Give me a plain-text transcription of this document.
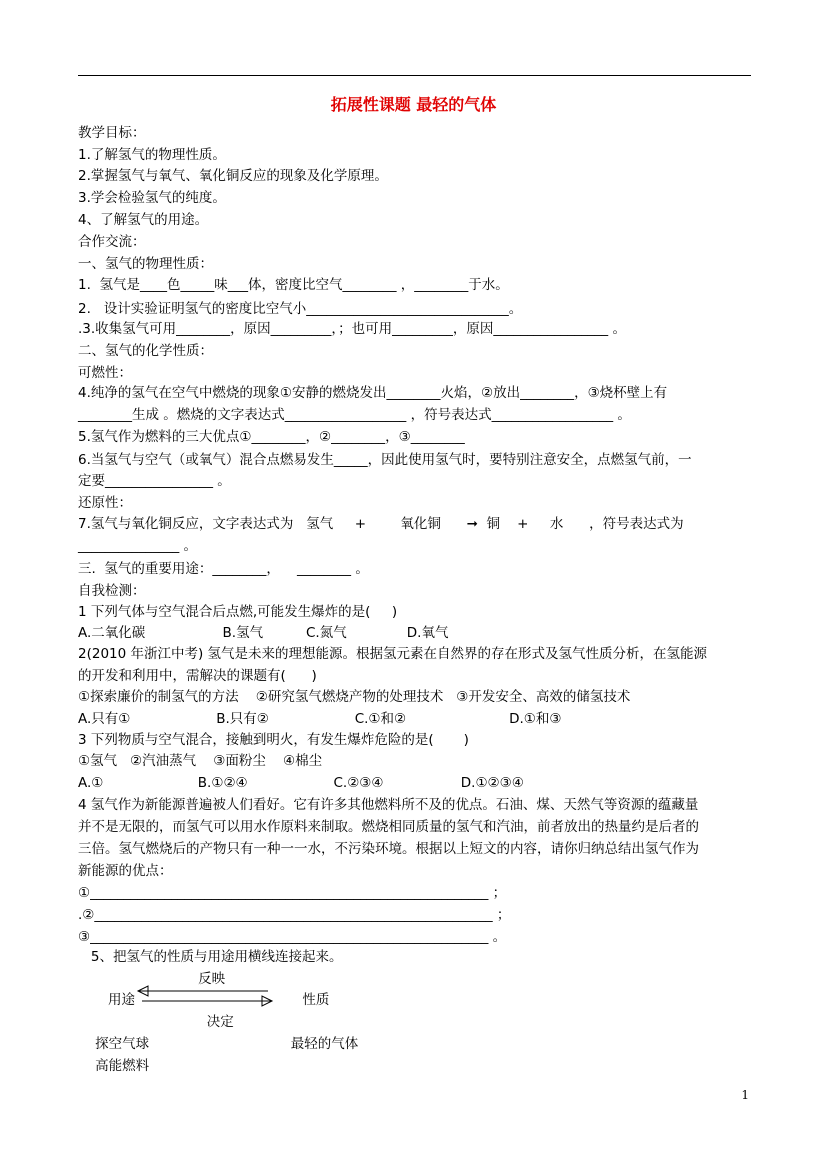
拓展性课题 最轻的气体
教学目标：
1.了解氢气的物理性质。
2.掌握氢气与氧气、氧化铜反应的现象及化学原理。
3.学会检验氢气的纯度。
4、了解氢气的用途。
合作交流：
一、氢气的物理性质：
1.  氢气是____色_____味___体，密度比空气________ ，________于水。
2.   设计实验证明氢气的密度比空气小______________________________。
.3.收集氢气可用________，原因_________，；也可用_________，原因_________________ 。
二、氢气的化学性质：
可燃性：
4.纯净的氢气在空气中燃烧的现象①安静的燃烧发出________火焰，②放出________，③烧杯壁上有
________生成 。燃烧的文字表达式__________________ ，符号表达式__________________ 。
5.氢气作为燃料的三大优点①________，②________，③________
6.当氢气与空气（或氧气）混合点燃易发生_____，因此使用氢气时，要特别注意安全，点燃氢气前，一
定要________________ 。
还原性：
7.氢气与氧化铜反应，文字表达式为   氢气     +        氧化铜      ➞  铜    +     水      ，符号表达式为
_______________ 。
三.  氢气的重要用途：________，    ________ 。
自我检测：
1 下列气体与空气混合后点燃,可能发生爆炸的是(     )
A.二氧化碳                  B.氢气          C.氮气              D.氧气
2(2010 年浙江中考) 氢气是未来的理想能源。根据氢元素在自然界的存在形式及氢气性质分析，在氢能源
的开发和利用中，需解决的课题有(      )
①探索廉价的制氢气的方法    ②研究氢气燃烧产物的处理技术   ③开发安全、高效的储氢技术
A.只有①                    B.只有②                    C.①和②                        D.①和③
3 下列物质与空气混合，接触到明火，有发生爆炸危险的是(       )
①氢气   ②汽油蒸气    ③面粉尘    ④棉尘
A.①                      B.①②④                    C.②③④                  D.①②③④
4 氢气作为新能源普遍被人们看好。它有许多其他燃料所不及的优点。石油、煤、天然气等资源的蕴藏量
并不是无限的，而氢气可以用水作原料来制取。燃烧相同质量的氢气和汽油，前者放出的热量约是后者的
三倍。氢气燃烧后的产物只有一种一一水，不污染环境。根据以上短文的内容，请你归纳总结出氢气作为
新能源的优点：
①___________________________________________________________ ；
.②___________________________________________________________ ；
③___________________________________________________________ 。
5、把氢气的性质与用途用横线连接起来。
反映
用途                                       性质
决定
探空气球                                 最轻的气体
高能燃料
1
